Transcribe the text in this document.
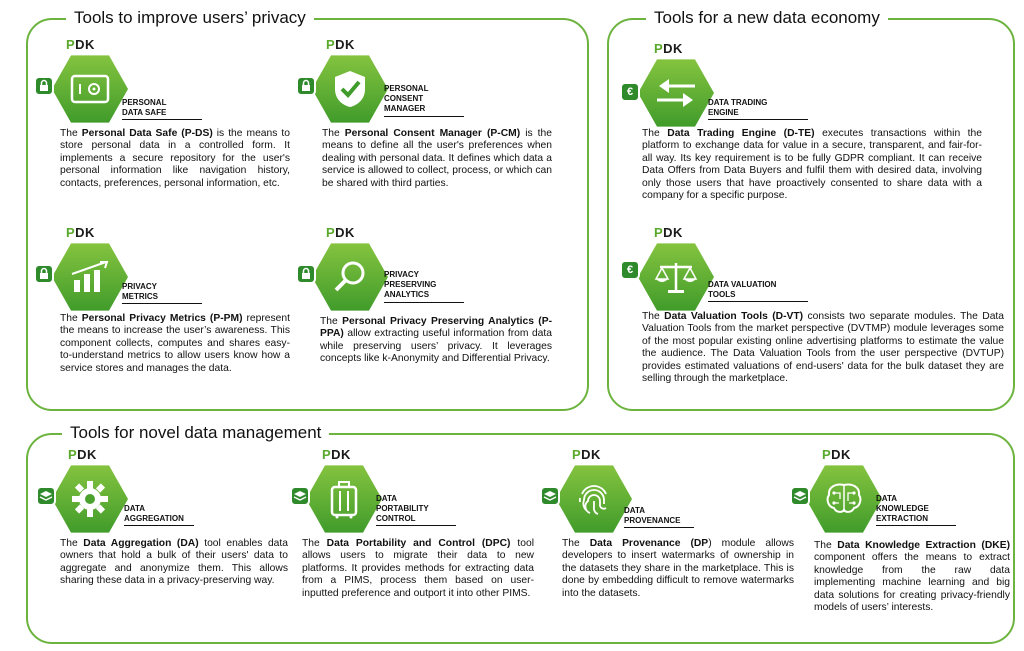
Tools to improve users’ privacy	Tools for a new data economy
Tools for novel data management
PDK
PERSONAL
DATA SAFE
The Personal Data Safe (P-DS) is the means to store personal data in a controlled form. It implements a secure repository for the user's personal information like navigation history, contacts, preferences, personal information, etc.
PDK
PERSONAL
CONSENT
MANAGER
The Personal Consent Manager (P-CM) is the means to define all the user's preferences when dealing with personal data. It defines which data a service is allowed to collect, process, or which can be shared with third parties.
PDK
PRIVACY
METRICS
The Personal Privacy Metrics (P-PM) represent the means to increase the user’s awareness. This component collects, computes and shares easy-to-understand metrics to allow users know how a service stores and manages the data.
PDK
PRIVACY
PRESERVING
ANALYTICS
The Personal Privacy Preserving Analytics (P-PPA) allow extracting useful information from data while preserving users’ privacy. It leverages concepts like k-Anonymity and Differential Privacy.
PDK
€
DATA TRADING
ENGINE
The Data Trading Engine (D-TE) executes transactions within the platform to exchange data for value in a secure, transparent, and fair-for-all way. Its key requirement is to be fully GDPR compliant. It can receive Data Offers from Data Buyers and fulfil them with desired data, involving only those users that have proactively consented to share data with a company for a specific purpose.
PDK
€
DATA VALUATION
TOOLS
The Data Valuation Tools (D-VT) consists two separate modules. The Data Valuation Tools from the market perspective (DVTMP) module leverages some of the most popular existing online advertising platforms to estimate the value the audience. The Data Valuation Tools from the user perspective (DVTUP) provides estimated valuations of end-users' data for the bulk dataset they are selling through the marketplace.
PDK
DATA
AGGREGATION
The Data Aggregation (DA) tool enables data owners that hold a bulk of their users' data to aggregate and anonymize them. This allows sharing these data in a privacy-preserving way.
PDK
DATA
PORTABILITY
CONTROL
The Data Portability and Control (DPC) tool allows users to migrate their data to new platforms. It provides methods for extracting data from a PIMS, process them based on user-inputted preference and outport it into other PIMS.
PDK
DATA
PROVENANCE
The Data Provenance (DP) module allows developers to insert watermarks of ownership in the datasets they share in the marketplace. This is done by embedding difficult to remove watermarks into the datasets.
PDK
DATA
KNOWLEDGE
EXTRACTION
The Data Knowledge Extraction (DKE) component offers the means to extract knowledge from the raw data implementing machine learning and big data solutions for creating privacy-friendly models of users’ interests.
